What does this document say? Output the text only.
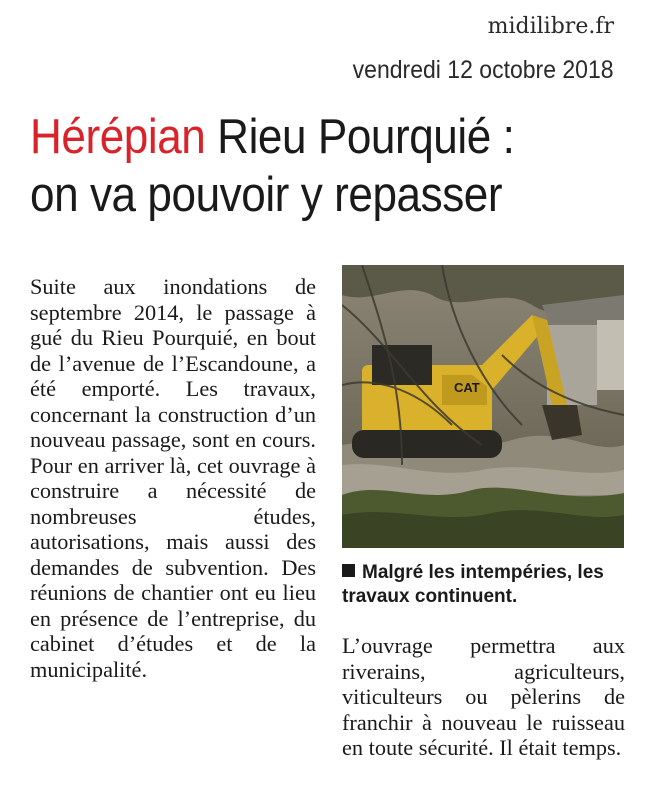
midilibre.fr
vendredi 12 octobre 2018
Hérépian Rieu Pourquié :
on va pouvoir y repasser

Suite aux inondations de septembre 2014, le passage à gué du Rieu Pourquié, en bout de l’avenue de l’Escandoune, a été emporté. Les travaux, concernant la construction d’un nouveau passage, sont en cours. Pour en arriver là, cet ouvrage à construire a nécessité de nombreuses études, autorisations, mais aussi des demandes de subvention. Des réunions de chantier ont eu lieu en présence de l’entreprise, du cabinet d’études et de la municipalité.

CAT
Malgré les intempéries, les travaux continuent.

L’ouvrage permettra aux riverains, agriculteurs, viticulteurs ou pèlerins de franchir à nouveau le ruisseau en toute sécurité. Il était temps.
